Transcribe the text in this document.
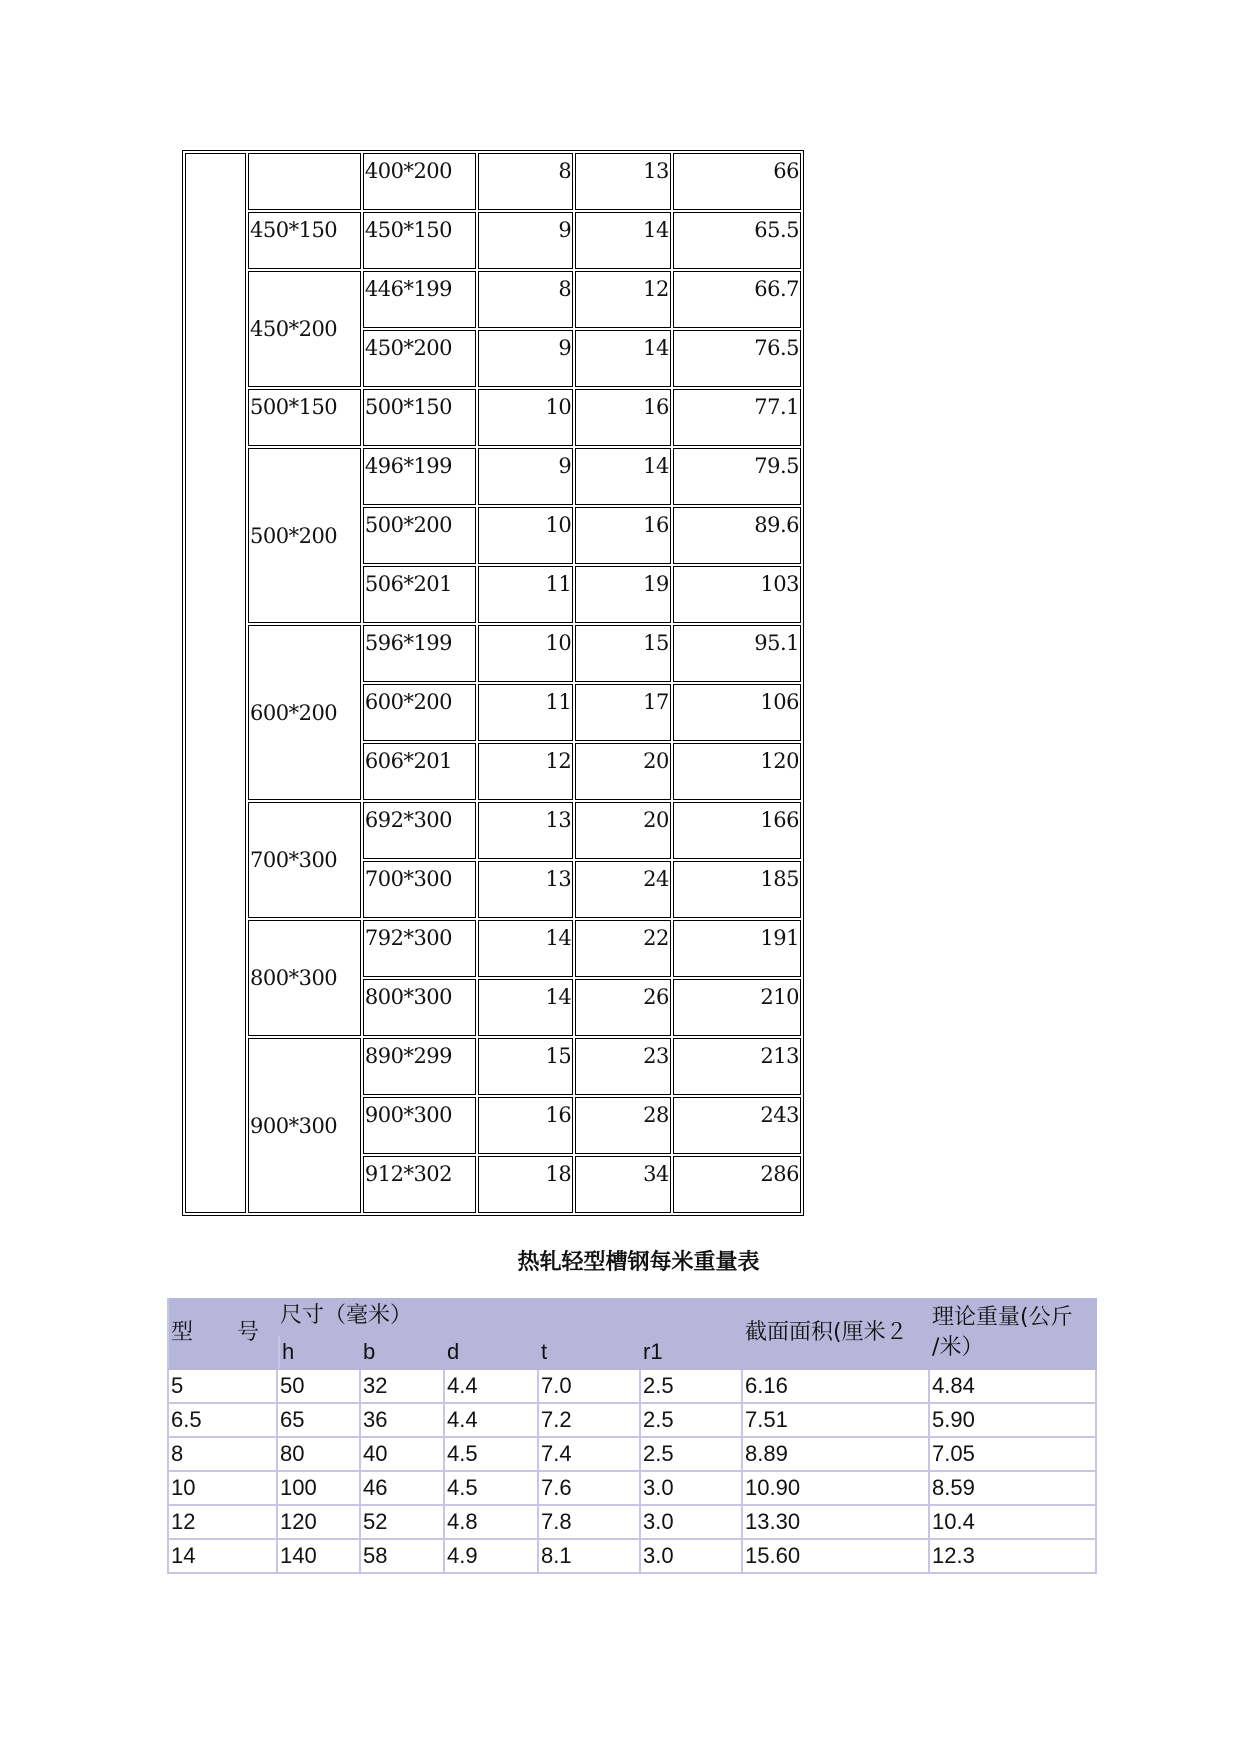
		400*200	8	13	66
	450*150	450*150	9	14	65.5
	450*200	446*199	8	12	66.7
		450*200	9	14	76.5
	500*150	500*150	10	16	77.1
	500*200	496*199	9	14	79.5
		500*200	10	16	89.6
		506*201	11	19	103
	600*200	596*199	10	15	95.1
		600*200	11	17	106
		606*201	12	20	120
	700*300	692*300	13	20	166
		700*300	13	24	185
	800*300	792*300	14	22	191
		800*300	14	26	210
	900*300	890*299	15	23	213
		900*300	16	28	243
		912*302	18	34	286
热轧轻型槽钢每米重量表
型　　号	尺寸（毫米）					截面面积(厘米２	理论重量(公斤
/米）
	h	b	d	t	r1		
5	50	32	4.4	7.0	2.5	6.16	4.84
6.5	65	36	4.4	7.2	2.5	7.51	5.90
8	80	40	4.5	7.4	2.5	8.89	7.05
10	100	46	4.5	7.6	3.0	10.90	8.59
12	120	52	4.8	7.8	3.0	13.30	10.4
14	140	58	4.9	8.1	3.0	15.60	12.3
